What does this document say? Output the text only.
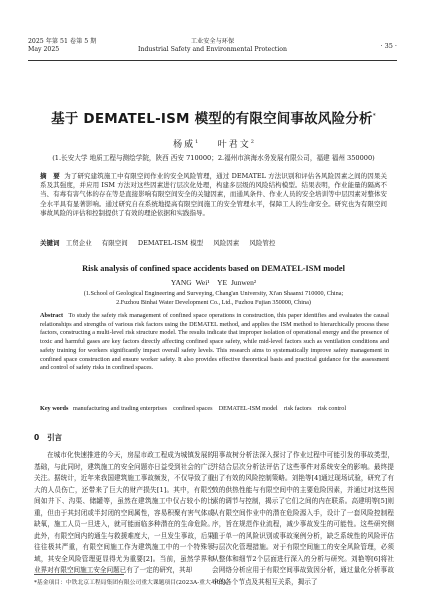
2025 年第 51 卷第 5 期
May 2025
工业安全与环保
Industrial Safety and Environmental Protection	· 35 ·
基于 DEMATEL-ISM 模型的有限空间事故风险分析*
杨威$^1$ 叶君文$^2$
(1.长安大学 地质工程与测绘学院，陕西 西安 710000；2.福州市滨海水务发展有限公司，福建 福州 350000)
摘　要 为了研究建筑施工中有限空间作业的安全风险管理，通过 DEMATEL 方法识别和评估各风险因素之间的因果关系及其强度，并应用 ISM 方法对这些因素进行层次化处理，构建多层级的风险结构模型。结果表明，作业能量的隔离不当、有毒有害气体的存在等是直接影响有限空间安全的关键因素，而通风条件、作业人员的安全培训等中层因素对整体安全水平具有显著影响。通过研究自在系统地提高有限空间施工的安全管理水平，保障工人的生命安全。研究也为有限空间事故风险的评估和控制提供了有效的理论依据和实践指导。
关键词 工贸企业 有限空间 DEMATEL-ISM 模型 风险因素 风险管控
Risk analysis of confined space accidents based on DEMATEL-ISM model
YANG Wei¹　YE Junwen²
(1.School of Geological Engineering and Surveying, Chang'an University, Xi'an Shaanxi 710000, China;
2.Fuzhou Binhai Water Development Co., Ltd., Fuzhou Fujian 350000, China)
Abstract To study the safety risk management of confined space operations in construction, this paper identifies and evaluates the causal relationships and strengths of various risk factors using the DEMATEL method, and applies the ISM method to hierarchically process these factors, constructing a multi-level risk structure model. The results indicate that improper isolation of operational energy and the presence of toxic and harmful gases are key factors directly affecting confined space safety, while mid-level factors such as ventilation conditions and safety training for workers significantly impact overall safety levels. This research aims to systematically improve safety management in confined space construction and ensure worker safety. It also provides effective theoretical basis and practical guidance for the assessment and control of safety risks in confined spaces.
Key words manufacturing and trading enterprises　confined spaces　DEMATEL-ISM model　risk factors　risk control
0 引言
在城市化快速推进的今天，房屋市政工程成为城镇发展的基础，与此同时，建筑施工的安全问题亦日益受到社会的广泛关注。据统计，近年来我国建筑施工事故频发，不仅导致了重大的人员伤亡，还带来了巨大的财产损失[1]。其中，有限空间如井下、沟渠、储罐等，虽然在建筑施工中仅占较小的比重，但由于其封闭或半封闭的空间属性，容易积聚有害气体或缺氧，施工人员一旦进入，就可能面临多种潜在的生命危险。此外，有限空间内的通生与救援难度大，一旦发生事故，后果往往极其严重，有限空间施工作为建筑施工中的一个特殊领域，其安全风险管理更显得尤为重要[2]。当前，虽然学界和业界对有限空间施工安全问题已有了一定的研究，其却
用事故树分析法深入探讨了作业过程中可能引发的事故类型，并结合层次分析法评估了这些事件对系统安全的影响。最终提出了有效的风险控制策略。刘艳等[4]通过现场试验，研究了有效的供热性能与有限空间中的主要危险因素，并通过对这些因素的调节与控制，揭示了它们之间的内在联系。高建明等[5]则从有限空间作业中的潜在危险源入手，设计了一套风险控制程序，旨在规范作业流程，减少事故发生的可能性。这些研究侧重于单一的风险识别或事故案例分析，缺乏系统性的风险评估与层次化管理措施。对于有限空间施工的安全风险管理，必须从整体和细节2个层面进行深入的分析与研究。刘艳等[6]将社会网络分析应用于有限空间事故致因分析，通过量化分析事故中的各个节点及其相互关系，揭示了
*基金项目：中铁北京工程局集团有限公司重大课题项目(2023A-重大-005)。
